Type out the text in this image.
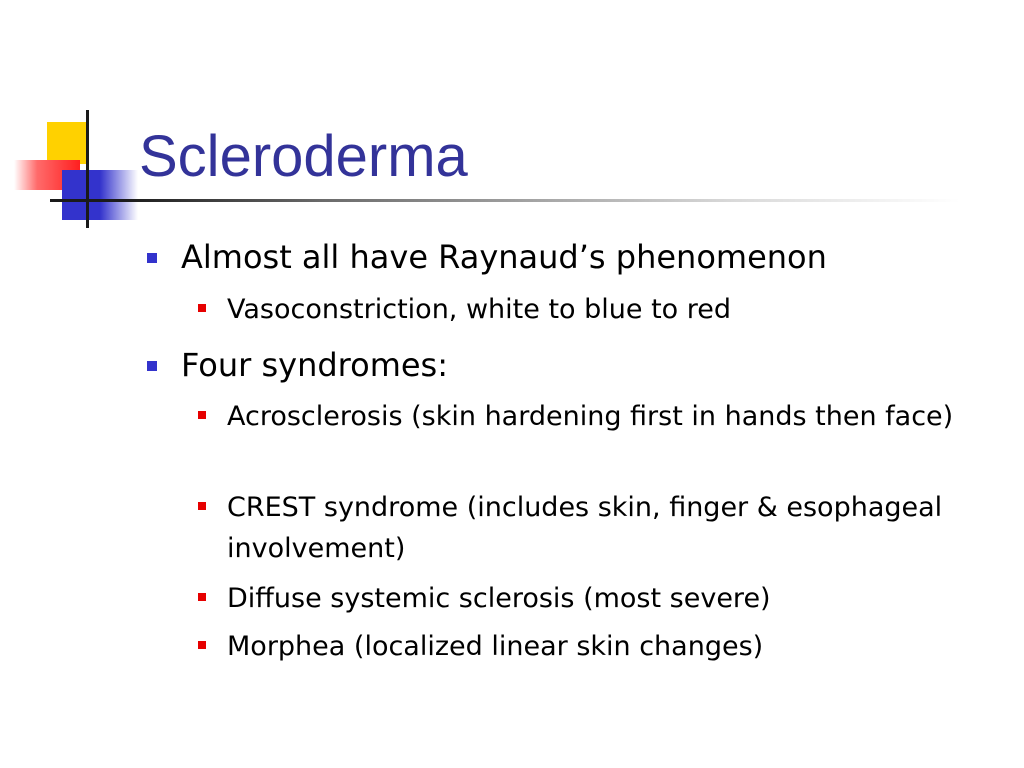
Scleroderma

Almost all have Raynaud’s phenomenon

Vasoconstriction, white to blue to red

Four syndromes:

Acrosclerosis (skin hardening first in hands then face)

CREST syndrome (includes skin, finger & esophageal involvement)

Diffuse systemic sclerosis (most severe)

Morphea (localized linear skin changes)
